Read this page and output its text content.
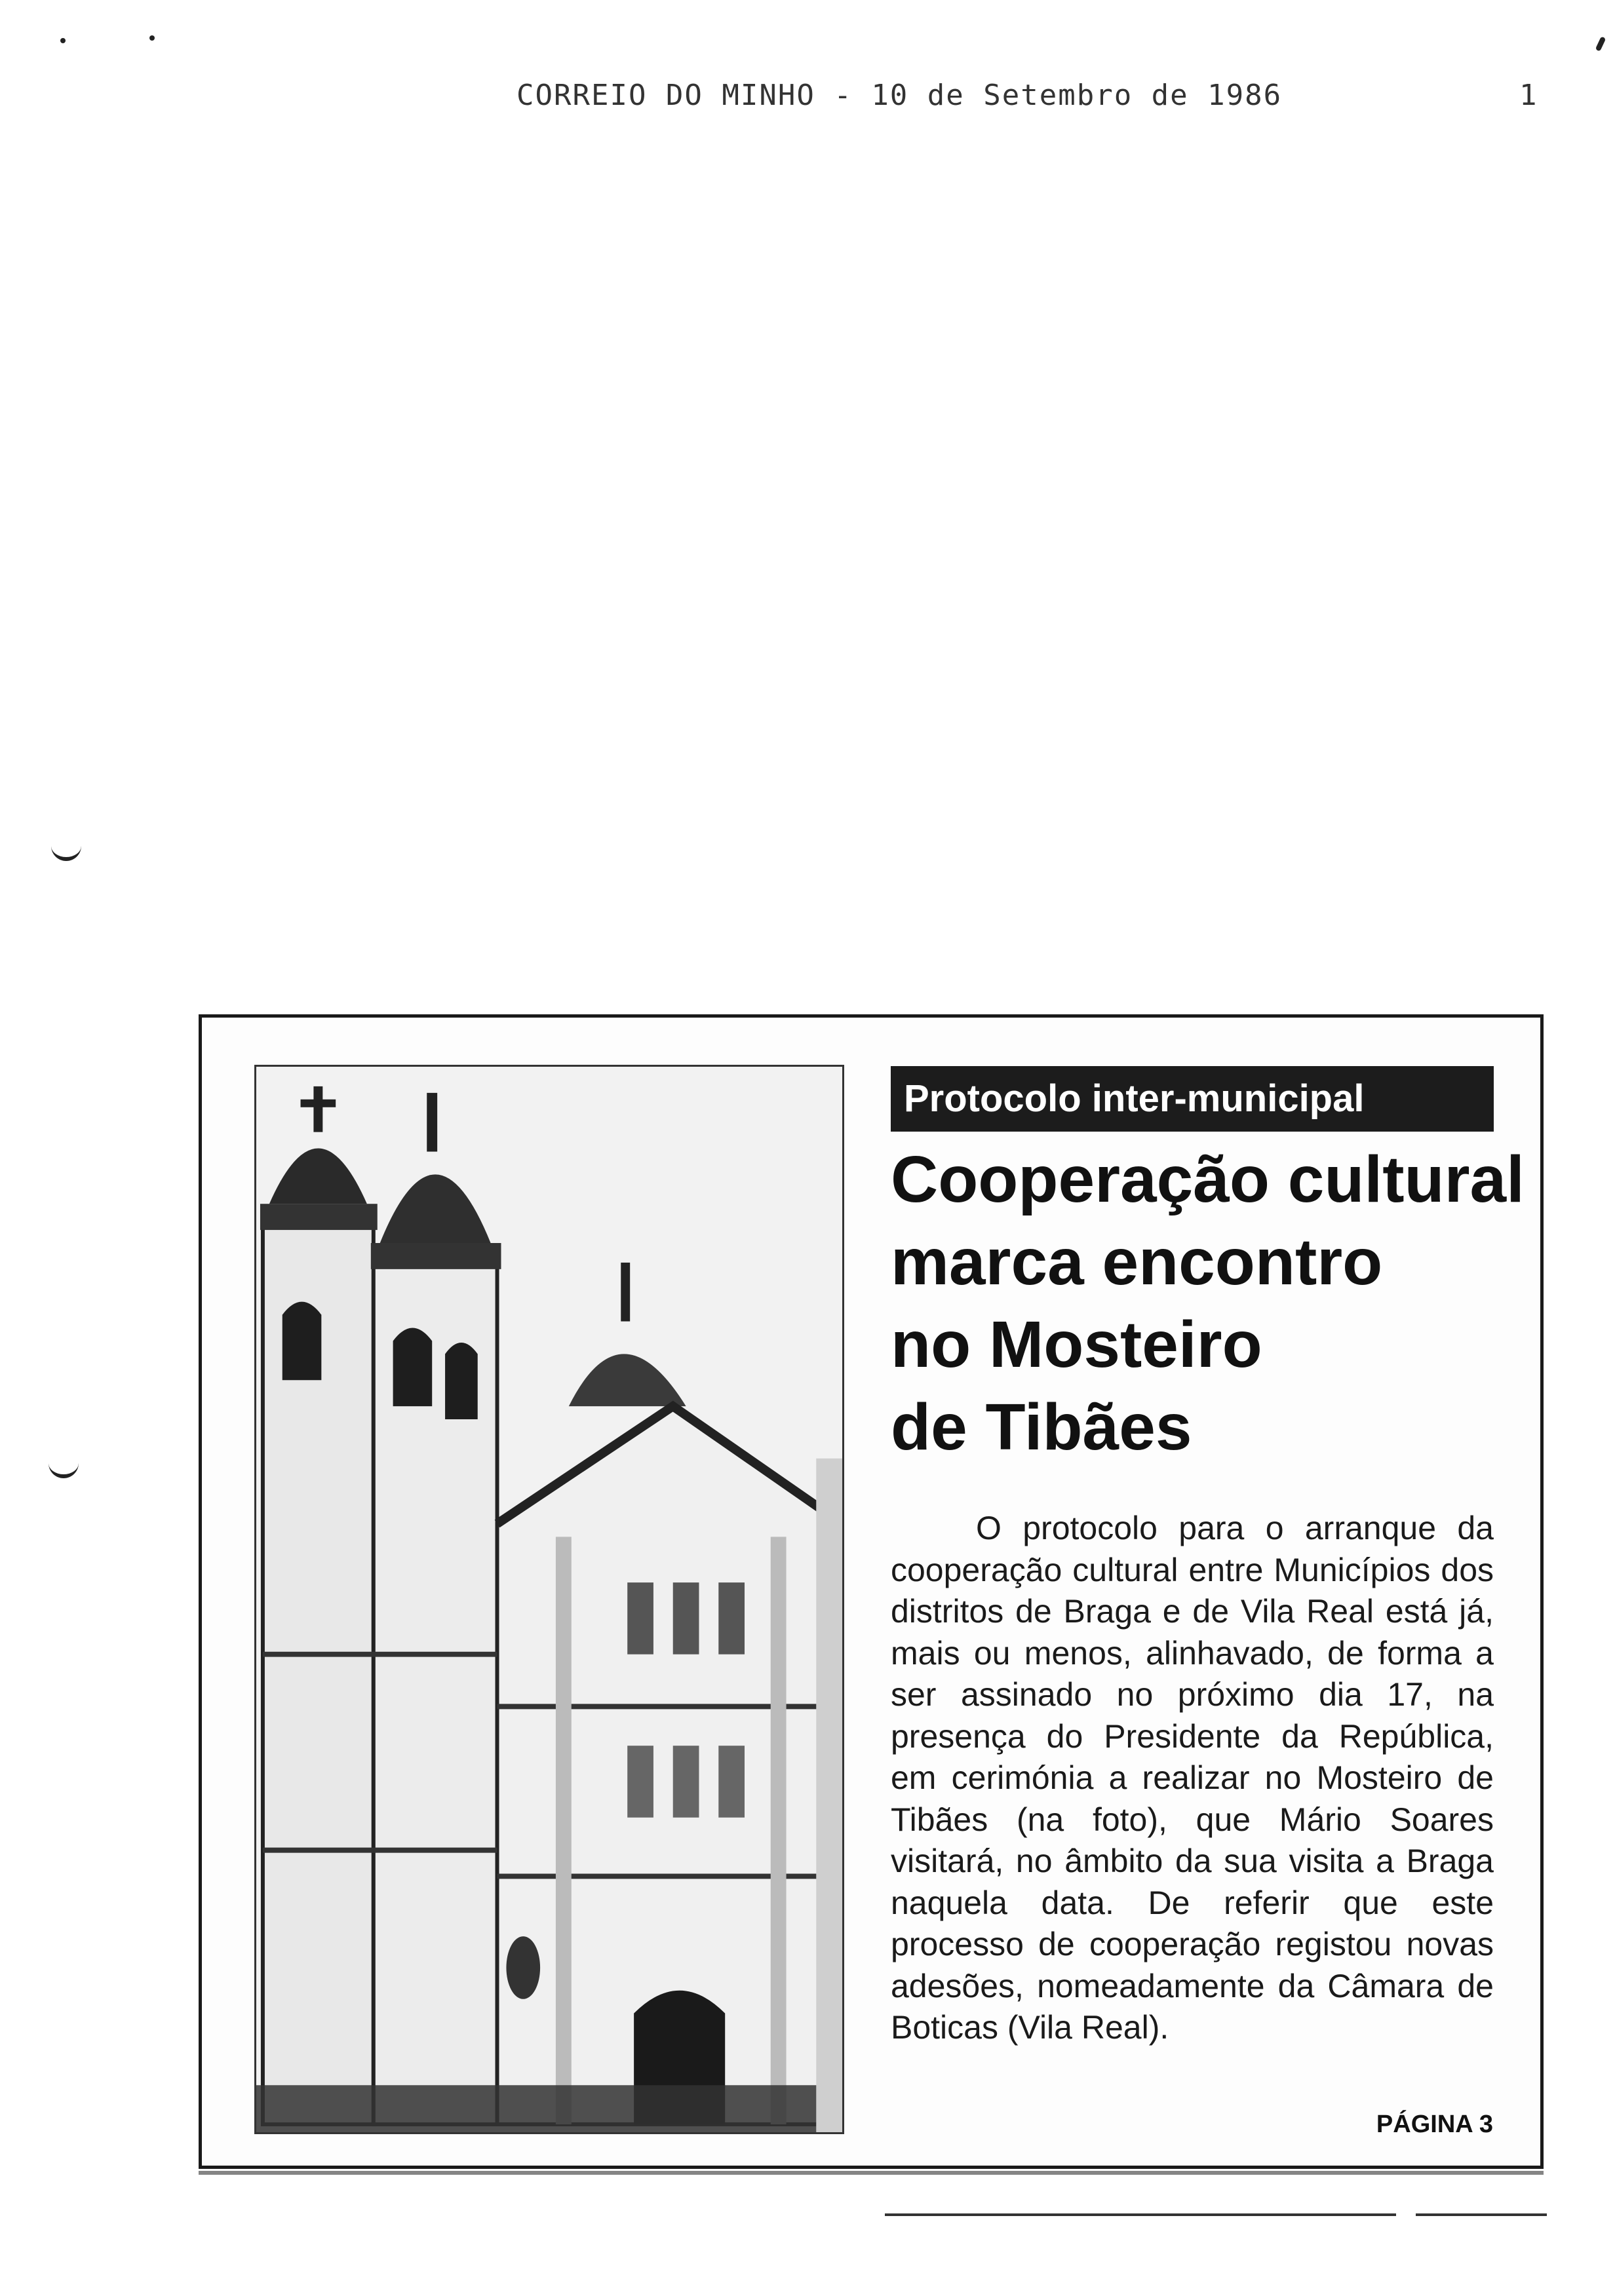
CORREIO DO MINHO - 10 de Setembro de 1986	1
Protocolo inter-municipal
Cooperação cultural
marca encontro
no Mosteiro
de Tibães

O protocolo para o arranque da cooperação cultural entre Municípios dos distritos de Braga e de Vila Real está já, mais ou menos, alinhavado, de forma a ser assinado no próximo dia 17, na presença do Presidente da República, em cerimónia a realizar no Mosteiro de Tibães (na foto), que Mário Soares visitará, no âmbito da sua visita a Braga naquela data. De referir que este processo de cooperação registou novas adesões, nomeadamente da Câmara de Boticas (Vila Real).

PÁGINA 3
